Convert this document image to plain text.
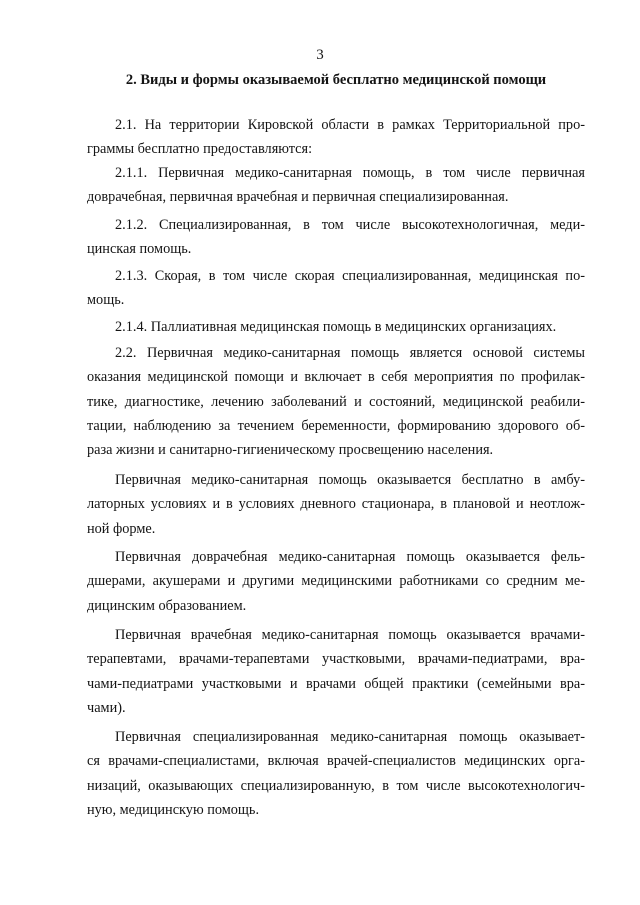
3
2. Виды и формы оказываемой бесплатно медицинской помощи
2.1. На территории Кировской области в рамках Территориальной про-
граммы бесплатно предоставляются:
2.1.1. Первичная медико-санитарная помощь, в том числе первичная
доврачебная, первичная врачебная и первичная специализированная.
2.1.2. Специализированная, в том числе высокотехнологичная, меди-
цинская помощь.
2.1.3. Скорая, в том числе скорая специализированная, медицинская по-
мощь.
2.1.4. Паллиативная медицинская помощь в медицинских организациях.
2.2. Первичная медико-санитарная помощь является основой системы
оказания медицинской помощи и включает в себя мероприятия по профилак-
тике, диагностике, лечению заболеваний и состояний, медицинской реабили-
тации, наблюдению за течением беременности, формированию здорового об-
раза жизни и санитарно-гигиеническому просвещению населения.
Первичная медико-санитарная помощь оказывается бесплатно в амбу-
латорных условиях и в условиях дневного стационара, в плановой и неотлож-
ной форме.
Первичная доврачебная медико-санитарная помощь оказывается фель-
дшерами, акушерами и другими медицинскими работниками со средним ме-
дицинским образованием.
Первичная врачебная медико-санитарная помощь оказывается врачами-
терапевтами, врачами-терапевтами участковыми, врачами-педиатрами, вра-
чами-педиатрами участковыми и врачами общей практики (семейными вра-
чами).
Первичная специализированная медико-санитарная помощь оказывает-
ся врачами-специалистами, включая врачей-специалистов медицинских орга-
низаций, оказывающих специализированную, в том числе высокотехнологич-
ную, медицинскую помощь.
